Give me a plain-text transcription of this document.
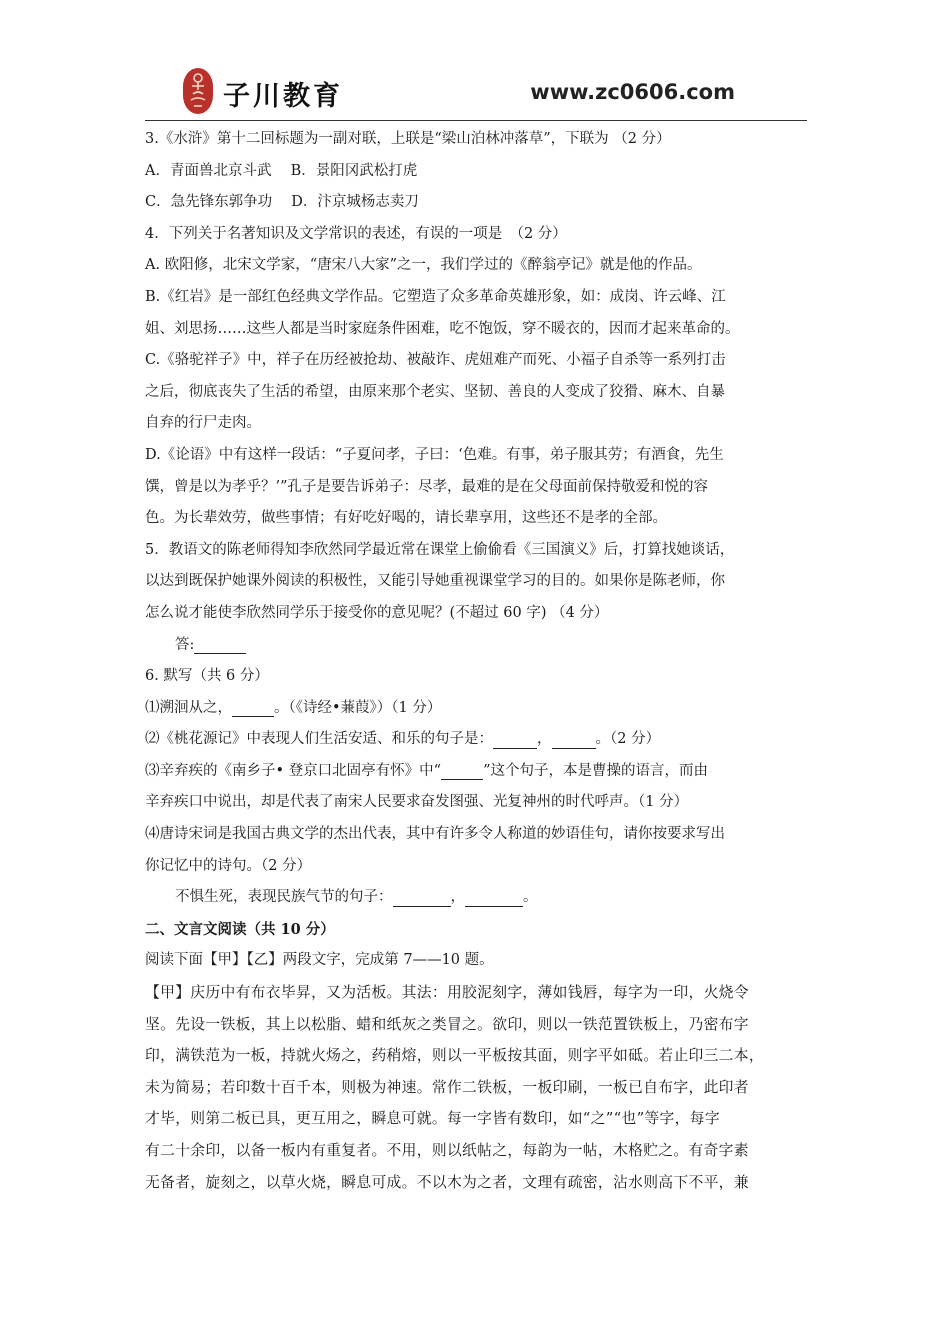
子川教育	www.zc0606.com
3.《水浒》第十二回标题为一副对联，上联是“梁山泊林冲落草”，下联为 （2 分）
A．青面兽北京斗武　 B．景阳冈武松打虎
C．急先锋东郭争功　 D．汴京城杨志卖刀
4．下列关于名著知识及文学常识的表述，有误的一项是　（2 分）
A. 欧阳修，北宋文学家，“唐宋八大家”之一，我们学过的《醉翁亭记》就是他的作品。
B.《红岩》是一部红色经典文学作品。它塑造了众多革命英雄形象，如：成岗、许云峰、江
姐、刘思扬……这些人都是当时家庭条件困难，吃不饱饭，穿不暖衣的，因而才起来革命的。
C.《骆驼祥子》中，祥子在历经被抢劫、被敲诈、虎妞难产而死、小福子自杀等一系列打击
之后，彻底丧失了生活的希望，由原来那个老实、坚韧、善良的人变成了狡猾、麻木、自暴
自弃的行尸走肉。
D.《论语》中有这样一段话：“子夏问孝，子曰：‘色难。有事，弟子服其劳；有酒食，先生
馔，曾是以为孝乎？’”孔子是要告诉弟子：尽孝，最难的是在父母面前保持敬爱和悦的容
色。为长辈效劳，做些事情；有好吃好喝的，请长辈享用，这些还不是孝的全部。
5．教语文的陈老师得知李欣然同学最近常在课堂上偷偷看《三国演义》后，打算找她谈话，
以达到既保护她课外阅读的积极性，又能引导她重视课堂学习的目的。如果你是陈老师，你
怎么说才能使李欣然同学乐于接受你的意见呢？(不超过 60 字) （4 分）
答:
6. 默写（共 6 分）
⑴溯洄从之，	。（《诗经•蒹葭》）（1 分）
⑵《桃花源记》中表现人们生活安适、和乐的句子是：	，	。（2 分）
⑶辛弃疾的《南乡子• 登京口北固亭有怀》中“	”这个句子，本是曹操的语言，而由
辛弃疾口中说出，却是代表了南宋人民要求奋发图强、光复神州的时代呼声。（1 分）
⑷唐诗宋词是我国古典文学的杰出代表，其中有许多令人称道的妙语佳句，请你按要求写出
你记忆中的诗句。（2 分）
不惧生死，表现民族气节的句子：	，	。
二、文言文阅读（共 10 分）
阅读下面【甲】【乙】两段文字，完成第 7——10 题。
【甲】庆历中有布衣毕昇，又为活板。其法：用胶泥刻字，薄如钱唇，每字为一印，火烧令
坚。先设一铁板，其上以松脂、蜡和纸灰之类冒之。欲印，则以一铁范置铁板上，乃密布字
印，满铁范为一板，持就火炀之，药稍熔，则以一平板按其面，则字平如砥。若止印三二本，
未为简易；若印数十百千本，则极为神速。常作二铁板，一板印刷，一板已自布字，此印者
才毕，则第二板已具，更互用之，瞬息可就。每一字皆有数印，如“之”“也”等字，每字
有二十余印，以备一板内有重复者。不用，则以纸帖之，每韵为一帖，木格贮之。有奇字素
无备者，旋刻之，以草火烧，瞬息可成。不以木为之者，文理有疏密，沾水则高下不平，兼
